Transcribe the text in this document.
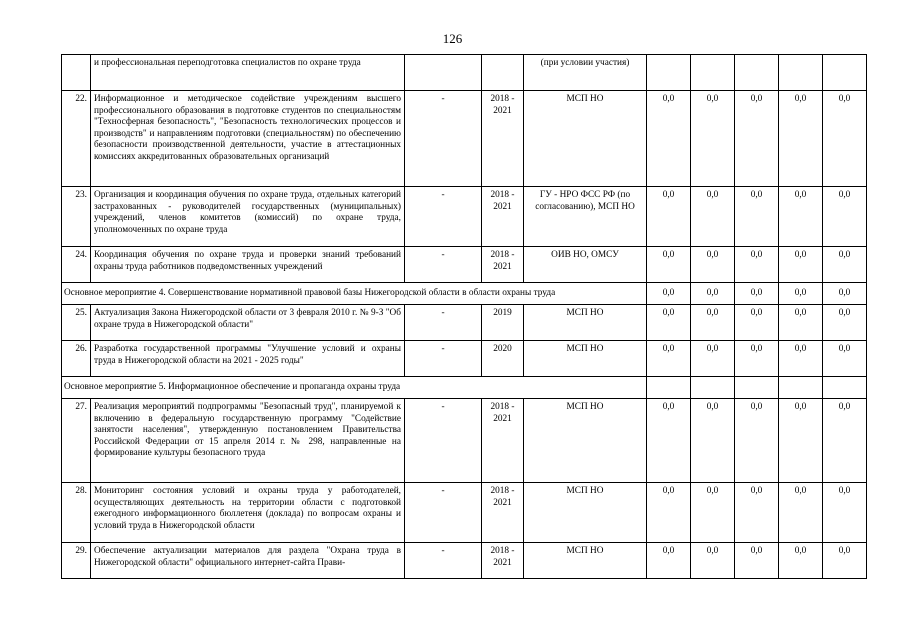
126
	и профессиональная переподготовка специалистов по охране труда			(при условии участия)					
22.	Информационное и методическое содействие учреждениям высшего профессионального образования в подготовке студентов по специальностям "Техносферная безопасность", "Безопасность технологических процессов и производств" и направлениям подготовки (специальностям) по обеспечению безопасности производственной деятельности, участие в аттестационных комиссиях аккредитованных образовательных организаций	-	2018 - 2021	МСП НО	0,0	0,0	0,0	0,0	0,0
23.	Организация и координация обучения по охране труда, отдельных категорий застрахованных - руководителей государственных (муниципальных) учреждений, членов комитетов (комиссий) по охране труда, уполномоченных по охране труда	-	2018 - 2021	ГУ - НРО ФСС РФ (по согласованию), МСП НО	0,0	0,0	0,0	0,0	0,0
24.	Координация обучения по охране труда и проверки знаний требований охраны труда работников подведомственных учреждений	-	2018 - 2021	ОИВ НО, ОМСУ	0,0	0,0	0,0	0,0	0,0
Основное мероприятие 4. Совершенствование нормативной правовой базы Нижегородской области в области охраны труда					0,0	0,0	0,0	0,0	0,0
25.	Актуализация Закона Нижегородской области от 3 февраля 2010 г. № 9-З "Об охране труда в Нижегородской области"	-	2019	МСП НО	0,0	0,0	0,0	0,0	0,0
26.	Разработка государственной программы "Улучшение условий и охраны труда в Нижегородской области на 2021 - 2025 годы"	-	2020	МСП НО	0,0	0,0	0,0	0,0	0,0
Основное мероприятие 5. Информационное обеспечение и пропаганда охраны труда									
27.	Реализация мероприятий подпрограммы "Безопасный труд", планируемой к включению в федеральную государственную программу "Содействие занятости населения", утвержденную постановлением Правительства Российской Федерации от 15 апреля 2014 г. № 298, направленные на формирование культуры безопасного труда	-	2018 - 2021	МСП НО	0,0	0,0	0,0	0,0	0,0
28.	Мониторинг состояния условий и охраны труда у работодателей, осуществляющих деятельность на территории области с подготовкой ежегодного информационного бюллетеня (доклада) по вопросам охраны и условий труда в Нижегородской области	-	2018 - 2021	МСП НО	0,0	0,0	0,0	0,0	0,0
29.	Обеспечение актуализации материалов для раздела "Охрана труда в Нижегородской области" официального интернет-сайта Прави-	-	2018 - 2021	МСП НО	0,0	0,0	0,0	0,0	0,0
